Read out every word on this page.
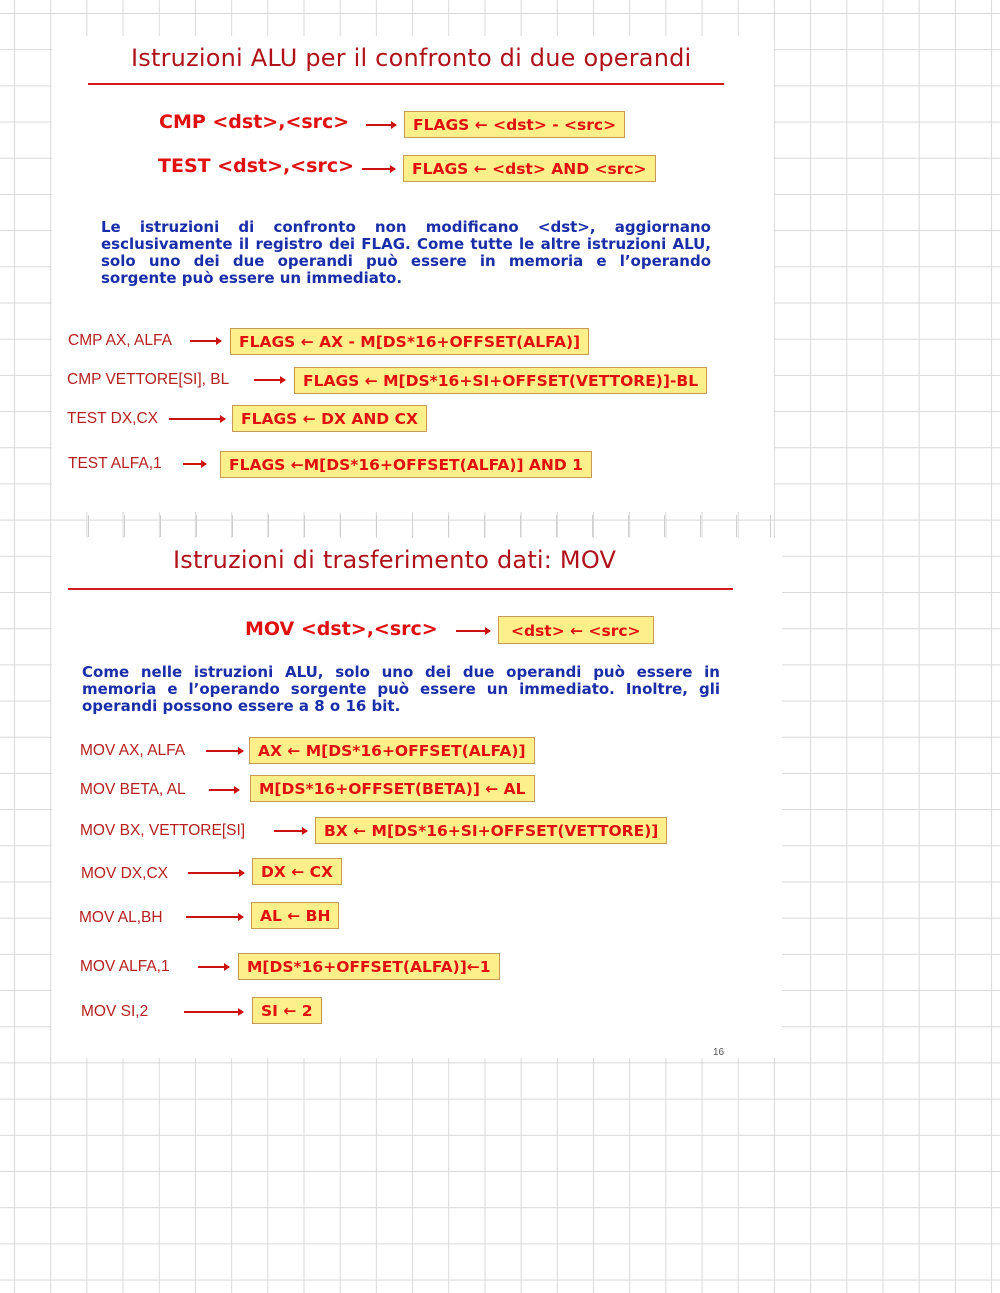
Istruzioni ALU per il confronto di due operandi
CMP <dst>,<src>	FLAGS ← <dst> - <src>
TEST <dst>,<src>	FLAGS ← <dst> AND <src>
Le istruzioni di confronto non modificano <dst>, aggiornano esclusivamente il registro dei FLAG. Come tutte le altre istruzioni ALU, solo uno dei due operandi può essere in memoria e l’operando sorgente può essere un immediato.
CMP AX, ALFA	FLAGS ← AX - M[DS*16+OFFSET(ALFA)]
CMP VETTORE[SI], BL	FLAGS ← M[DS*16+SI+OFFSET(VETTORE)]-BL
TEST DX,CX	FLAGS ← DX AND CX
TEST ALFA,1	FLAGS ←M[DS*16+OFFSET(ALFA)] AND 1
Istruzioni di trasferimento dati: MOV
MOV <dst>,<src>	<dst> ← <src>
Come nelle istruzioni ALU, solo uno dei due operandi può essere in memoria e l’operando sorgente può essere un immediato. Inoltre, gli operandi possono essere a 8 o 16 bit.
MOV AX, ALFA	AX ← M[DS*16+OFFSET(ALFA)]
MOV BETA, AL	M[DS*16+OFFSET(BETA)] ← AL
MOV BX, VETTORE[SI]	BX ← M[DS*16+SI+OFFSET(VETTORE)]
MOV DX,CX	DX ← CX
MOV AL,BH	AL ← BH
MOV ALFA,1	M[DS*16+OFFSET(ALFA)]←1
MOV SI,2	SI ← 2
16
